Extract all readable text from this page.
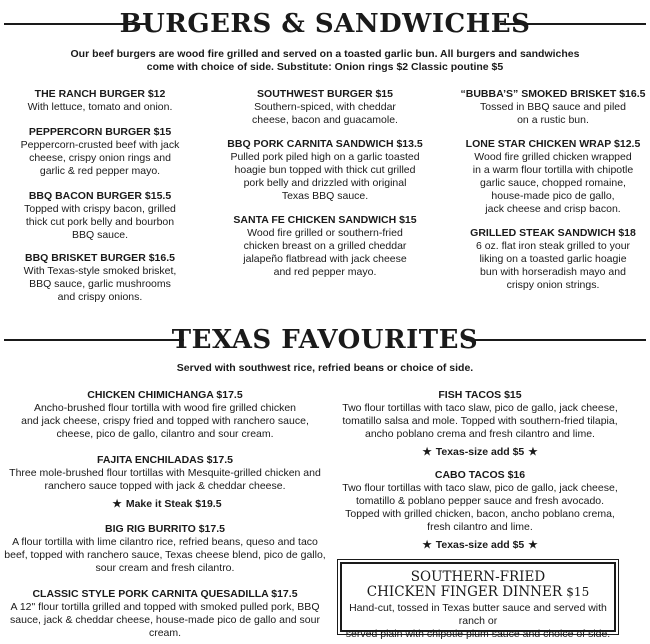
BURGERS & SANDWICHES
Our beef burgers are wood fire grilled and served on a toasted garlic bun. All burgers and sandwiches
come with choice of side. Substitute: Onion rings $2 Classic poutine $5
THE RANCH BURGER $12
With lettuce, tomato and onion.
PEPPERCORN BURGER $15
Peppercorn-crusted beef with jack
cheese, crispy onion rings and
garlic & red pepper mayo.
BBQ BACON BURGER $15.5
Topped with crispy bacon, grilled
thick cut pork belly and bourbon
BBQ sauce.
BBQ BRISKET BURGER $16.5
With Texas-style smoked brisket,
BBQ sauce, garlic mushrooms
and crispy onions.
SOUTHWEST BURGER $15
Southern-spiced, with cheddar
cheese, bacon and guacamole.
BBQ PORK CARNITA SANDWICH $13.5
Pulled pork piled high on a garlic toasted
hoagie bun topped with thick cut grilled
pork belly and drizzled with original
Texas BBQ sauce.
SANTA FE CHICKEN SANDWICH $15
Wood fire grilled or southern-fried
chicken breast on a grilled cheddar
jalapeño flatbread with jack cheese
and red pepper mayo.
“BUBBA’S” SMOKED BRISKET $16.5
Tossed in BBQ sauce and piled
on a rustic bun.
LONE STAR CHICKEN WRAP $12.5
Wood fire grilled chicken wrapped
in a warm flour tortilla with chipotle
garlic sauce, chopped romaine,
house-made pico de gallo,
jack cheese and crisp bacon.
GRILLED STEAK SANDWICH $18
6 oz. flat iron steak grilled to your
liking on a toasted garlic hoagie
bun with horseradish mayo and
crispy onion strings.
TEXAS FAVOURITES
Served with southwest rice, refried beans or choice of side.
CHICKEN CHIMICHANGA $17.5
Ancho-brushed flour tortilla with wood fire grilled chicken
and jack cheese, crispy fried and topped with ranchero sauce,
cheese, pico de gallo, cilantro and sour cream.
FAJITA ENCHILADAS $17.5
Three mole-brushed flour tortillas with Mesquite-grilled chicken and
ranchero sauce topped with jack & cheddar cheese.
★ Make it Steak $19.5
BIG RIG BURRITO $17.5
A flour tortilla with lime cilantro rice, refried beans, queso and taco
beef, topped with ranchero sauce, Texas cheese blend, pico de gallo,
sour cream and fresh cilantro.
CLASSIC STYLE PORK CARNITA QUESADILLA $17.5
A 12" flour tortilla grilled and topped with smoked pulled pork, BBQ
sauce, jack & cheddar cheese, house-made pico de gallo and sour cream.
FISH TACOS $15
Two flour tortillas with taco slaw, pico de gallo, jack cheese,
tomatillo salsa and mole. Topped with southern-fried tilapia,
ancho poblano crema and fresh cilantro and lime.
★ Texas-size add $5 ★
CABO TACOS $16
Two flour tortillas with taco slaw, pico de gallo, jack cheese,
tomatillo & poblano pepper sauce and fresh avocado.
Topped with grilled chicken, bacon, ancho poblano crema,
fresh cilantro and lime.
★ Texas-size add $5 ★
SOUTHERN-FRIED
CHICKEN FINGER DINNER $15
Hand-cut, tossed in Texas butter sauce and served with ranch or
served plain with chipotle plum sauce and choice of side.
